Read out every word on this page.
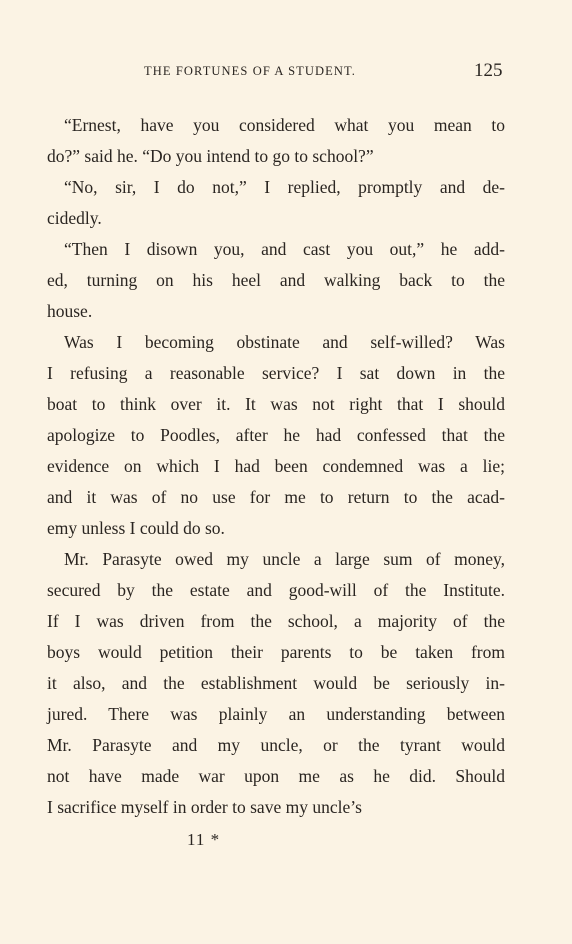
THE FORTUNES OF A STUDENT.	125
“Ernest, have you considered what you mean to
do?” said he. “Do you intend to go to school?”
“No, sir, I do not,” I replied, promptly and de-
cidedly.
“Then I disown you, and cast you out,” he add-
ed, turning on his heel and walking back to the
house.
Was I becoming obstinate and self-willed? Was
I refusing a reasonable service? I sat down in the
boat to think over it. It was not right that I should
apologize to Poodles, after he had confessed that the
evidence on which I had been condemned was a lie;
and it was of no use for me to return to the acad-
emy unless I could do so.
Mr. Parasyte owed my uncle a large sum of money,
secured by the estate and good-will of the Institute.
If I was driven from the school, a majority of the
boys would petition their parents to be taken from
it also, and the establishment would be seriously in-
jured. There was plainly an understanding between
Mr. Parasyte and my uncle, or the tyrant would
not have made war upon me as he did. Should
I sacrifice myself in order to save my uncle’s
11 *
